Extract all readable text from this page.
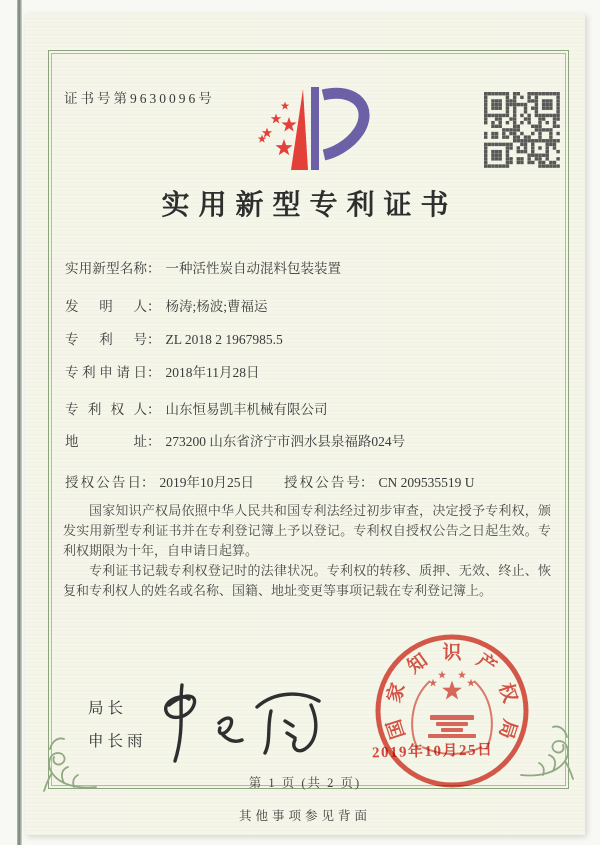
证书号第9630096号
实用新型专利证书
实用新型名称 ： 一种活性炭自动混料包装装置
发明人 ： 杨涛;杨波;曹福运
专利号 ： ZL 2018 2 1967985.5
专利申请日 ： 2018年11月28日
专利权人 ： 山东恒易凯丰机械有限公司
地址 ： 273200 山东省济宁市泗水县泉福路024号
授权公告日 ： 2019年10月25日 授权公告号 ： CN 209535519 U

国家知识产权局依照中华人民共和国专利法经过初步审查，决定授予专利权，颁发实用新型专利证书并在专利登记簿上予以登记。专利权自授权公告之日起生效。专利权期限为十年，自申请日起算。

专利证书记载专利权登记时的法律状况。专利权的转移、质押、无效、终止、恢复和专利权人的姓名或名称、国籍、地址变更等事项记载在专利登记簿上。

局长
申长雨
国
家
知 识 产
权
局
2019年10月25日
第 1 页 (共 2 页)
其他事项参见背面
